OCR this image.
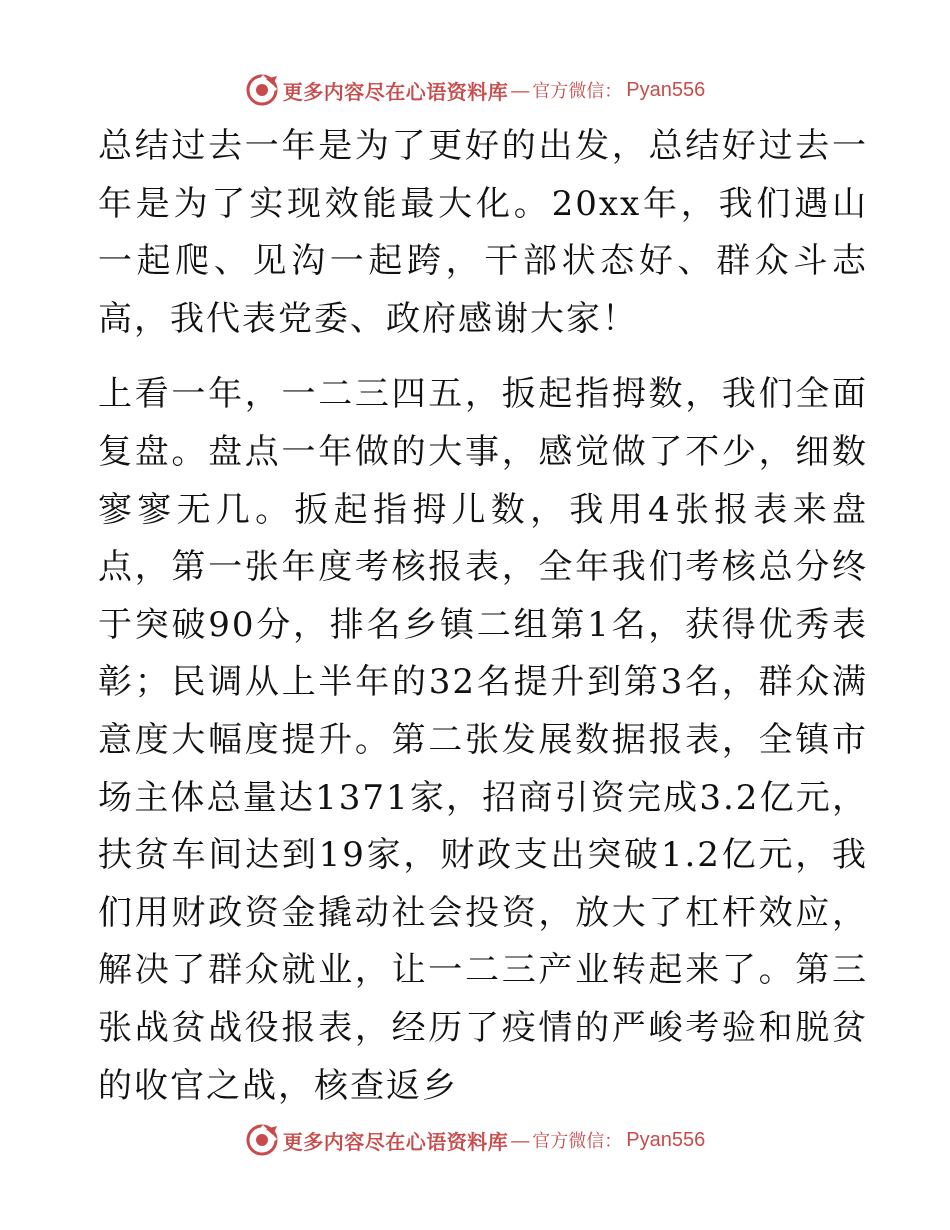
更多内容尽在心语资料库 — 官方微信： Pyan556

总结过去一年是为了更好的出发，总结好过去一年是为了实现效能最大化。20xx年，我们遇山一起爬、见沟一起跨，干部状态好、群众斗志高，我代表党委、政府感谢大家！

上看一年，一二三四五，扳起指拇数，我们全面复盘。盘点一年做的大事，感觉做了不少，细数寥寥无几。扳起指拇儿数，我用4张报表来盘点，第一张年度考核报表，全年我们考核总分终于突破90分，排名乡镇二组第1名，获得优秀表彰；民调从上半年的32名提升到第3名，群众满意度大幅度提升。第二张发展数据报表，全镇市场主体总量达1371家，招商引资完成3.2亿元，扶贫车间达到19家，财政支出突破1.2亿元，我们用财政资金撬动社会投资，放大了杠杆效应，解决了群众就业，让一二三产业转起来了。第三张战贫战役报表，经历了疫情的严峻考验和脱贫的收官之战，核查返乡

更多内容尽在心语资料库 — 官方微信： Pyan556
